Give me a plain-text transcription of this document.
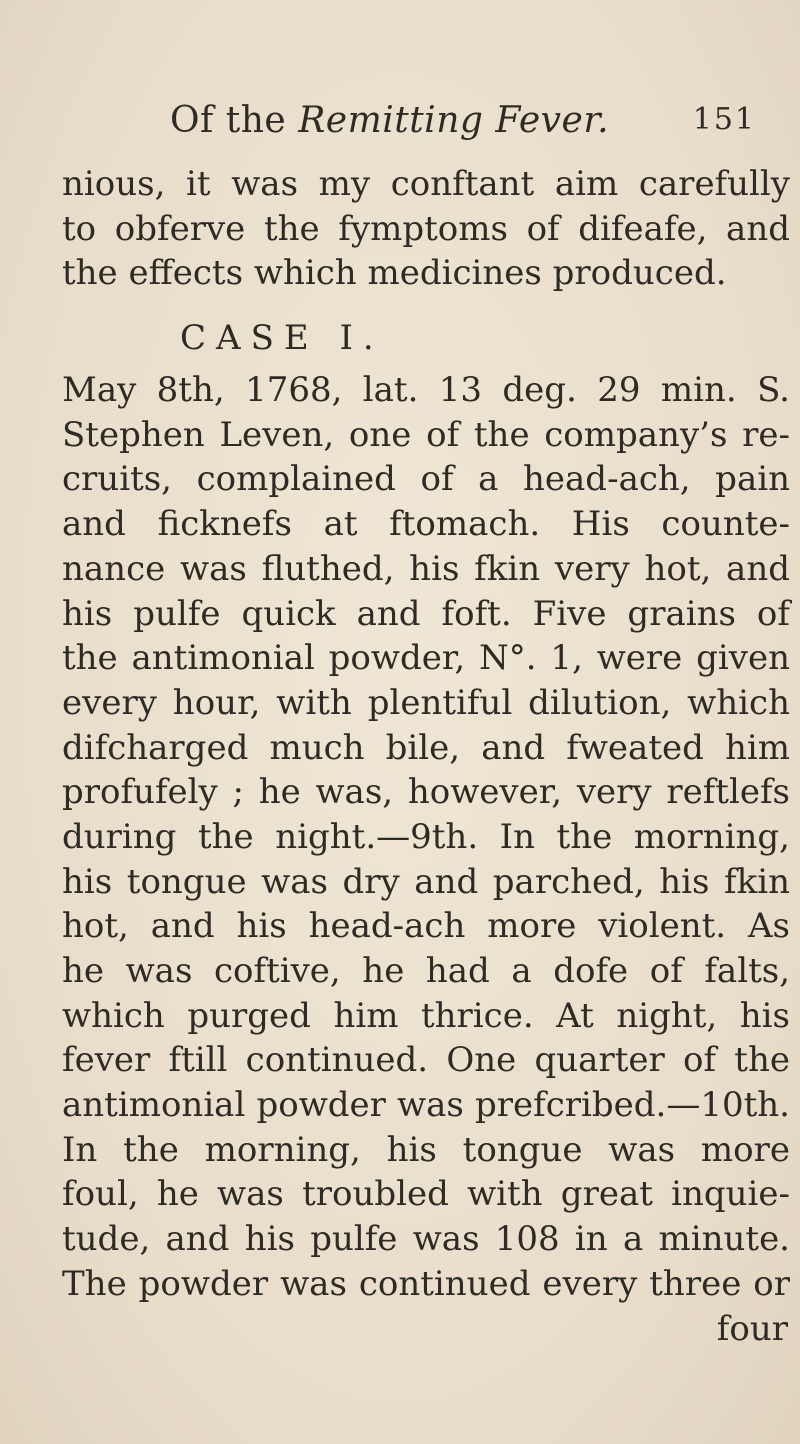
Of the Remitting Fever.	151
nious, it was my conftant aim carefully
to obferve the fymptoms of difeafe, and
the effects which medicines produced.
CASE I.
May 8th, 1768, lat. 13 deg. 29 min. S.
Stephen Leven, one of the company’s re-
cruits, complained of a head-ach, pain
and ficknefs at ftomach. His counte-
nance was fluthed, his fkin very hot, and
his pulfe quick and foft. Five grains of
the antimonial powder, N°. 1, were given
every hour, with plentiful dilution, which
difcharged much bile, and fweated him
profufely ; he was, however, very reftlefs
during the night.—9th. In the morning,
his tongue was dry and parched, his fkin
hot, and his head-ach more violent. As
he was coftive, he had a dofe of falts,
which purged him thrice. At night, his
fever ftill continued. One quarter of the
antimonial powder was prefcribed.—10th.
In the morning, his tongue was more
foul, he was troubled with great inquie-
tude, and his pulfe was 108 in a minute.
The powder was continued every three or
four
